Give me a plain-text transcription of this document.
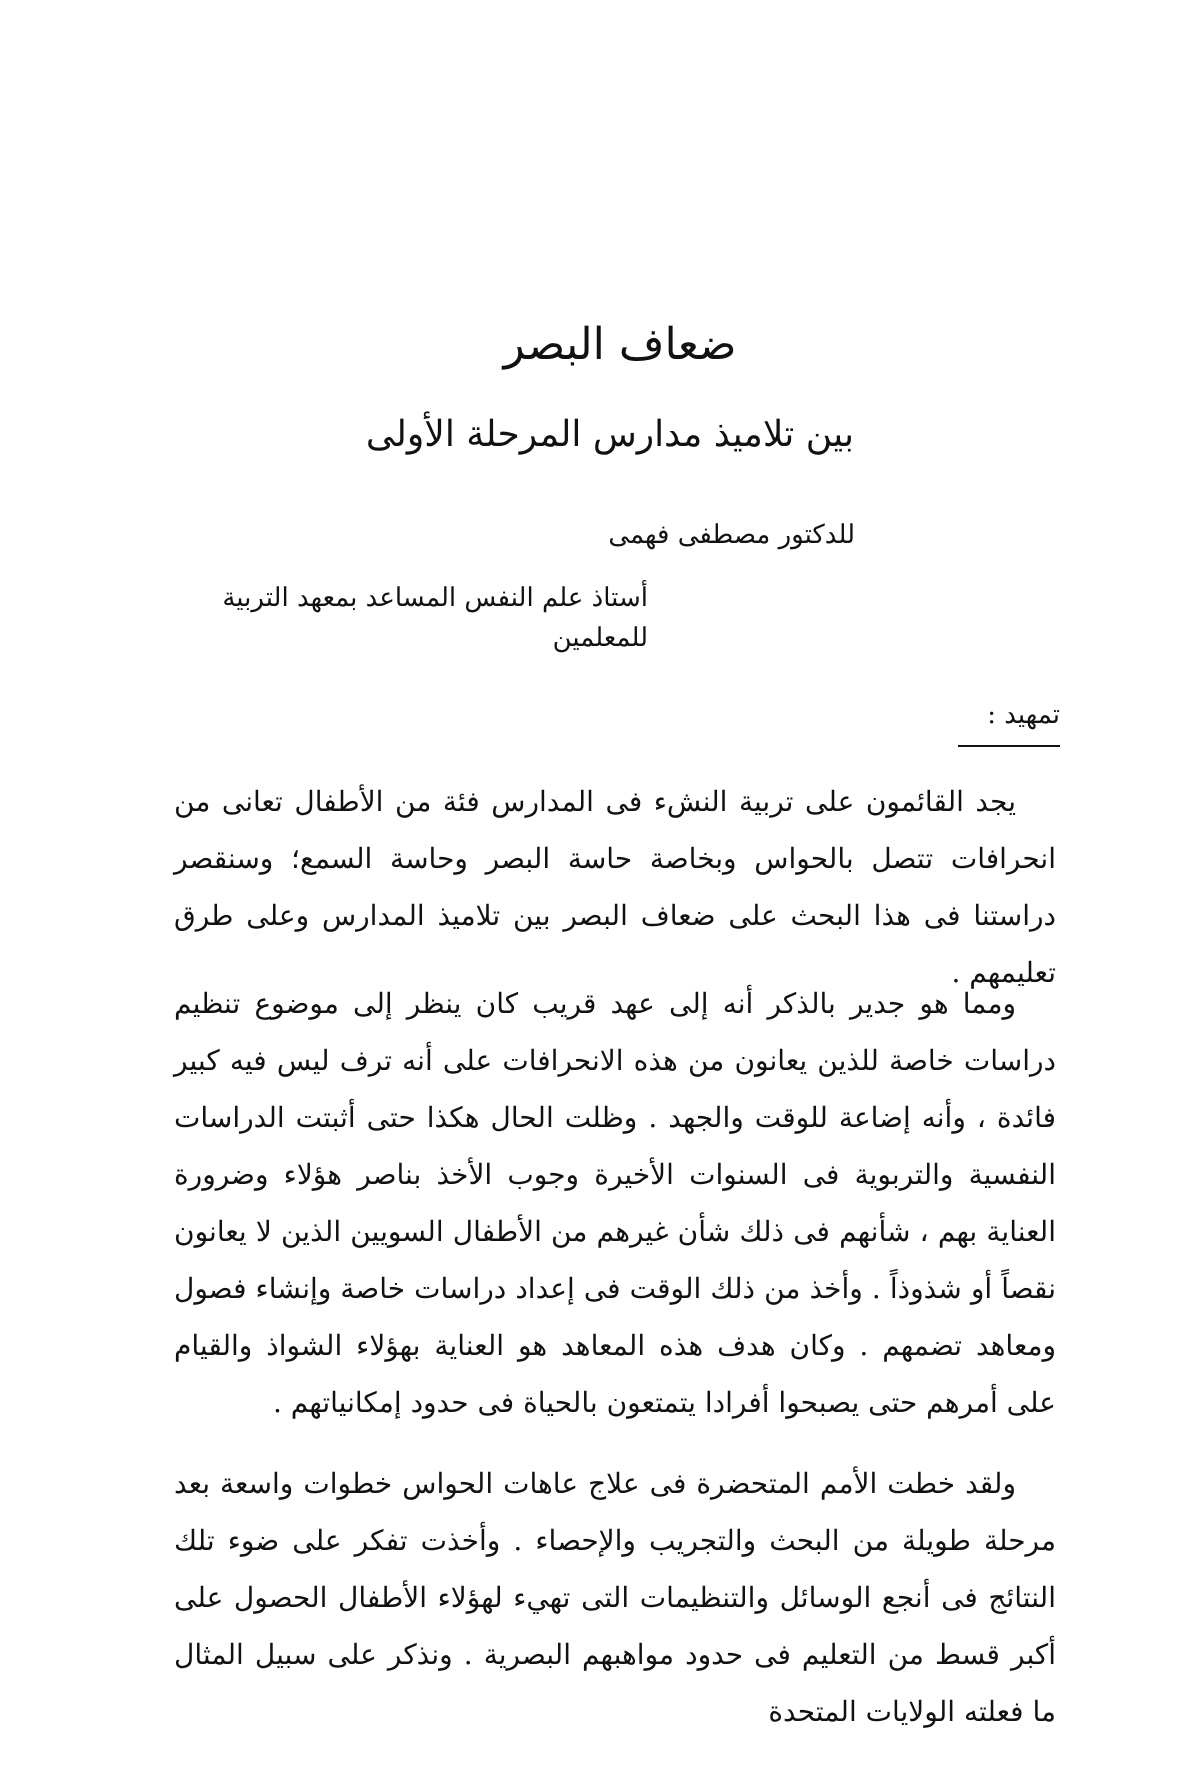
ضعاف البصر
بين تلاميذ مدارس المرحلة الأولى
للدكتور مصطفى فهمى
أستاذ علم النفس المساعد بمعهد التربية للمعلمين
تمهيد :

يجد القائمون على تربية النشء فى المدارس فئة من الأطفال تعانى من انحرافات تتصل بالحواس وبخاصة حاسة البصر وحاسة السمع؛ وسنقصر دراستنا فى هذا البحث على ضعاف البصر بين تلاميذ المدارس وعلى طرق تعليمهم .

ومما هو جدير بالذكر أنه إلى عهد قريب كان ينظر إلى موضوع تنظيم دراسات خاصة للذين يعانون من هذه الانحرافات على أنه ترف ليس فيه كبير فائدة ، وأنه إضاعة للوقت والجهد . وظلت الحال هكذا حتى أثبتت الدراسات النفسية والتربوية فى السنوات الأخيرة وجوب الأخذ بناصر هؤلاء وضرورة العناية بهم ، شأنهم فى ذلك شأن غيرهم من الأطفال السويين الذين لا يعانون نقصاً أو شذوذاً . وأخذ من ذلك الوقت فى إعداد دراسات خاصة وإنشاء فصول ومعاهد تضمهم . وكان هدف هذه المعاهد هو العناية بهؤلاء الشواذ والقيام على أمرهم حتى يصبحوا أفرادا يتمتعون بالحياة فى حدود إمكانياتهم .

ولقد خطت الأمم المتحضرة فى علاج عاهات الحواس خطوات واسعة بعد مرحلة طويلة من البحث والتجريب والإحصاء . وأخذت تفكر على ضوء تلك النتائج فى أنجع الوسائل والتنظيمات التى تهيء لهؤلاء الأطفال الحصول على أكبر قسط من التعليم فى حدود مواهبهم البصرية . ونذكر على سبيل المثال ما فعلته الولايات المتحدة
